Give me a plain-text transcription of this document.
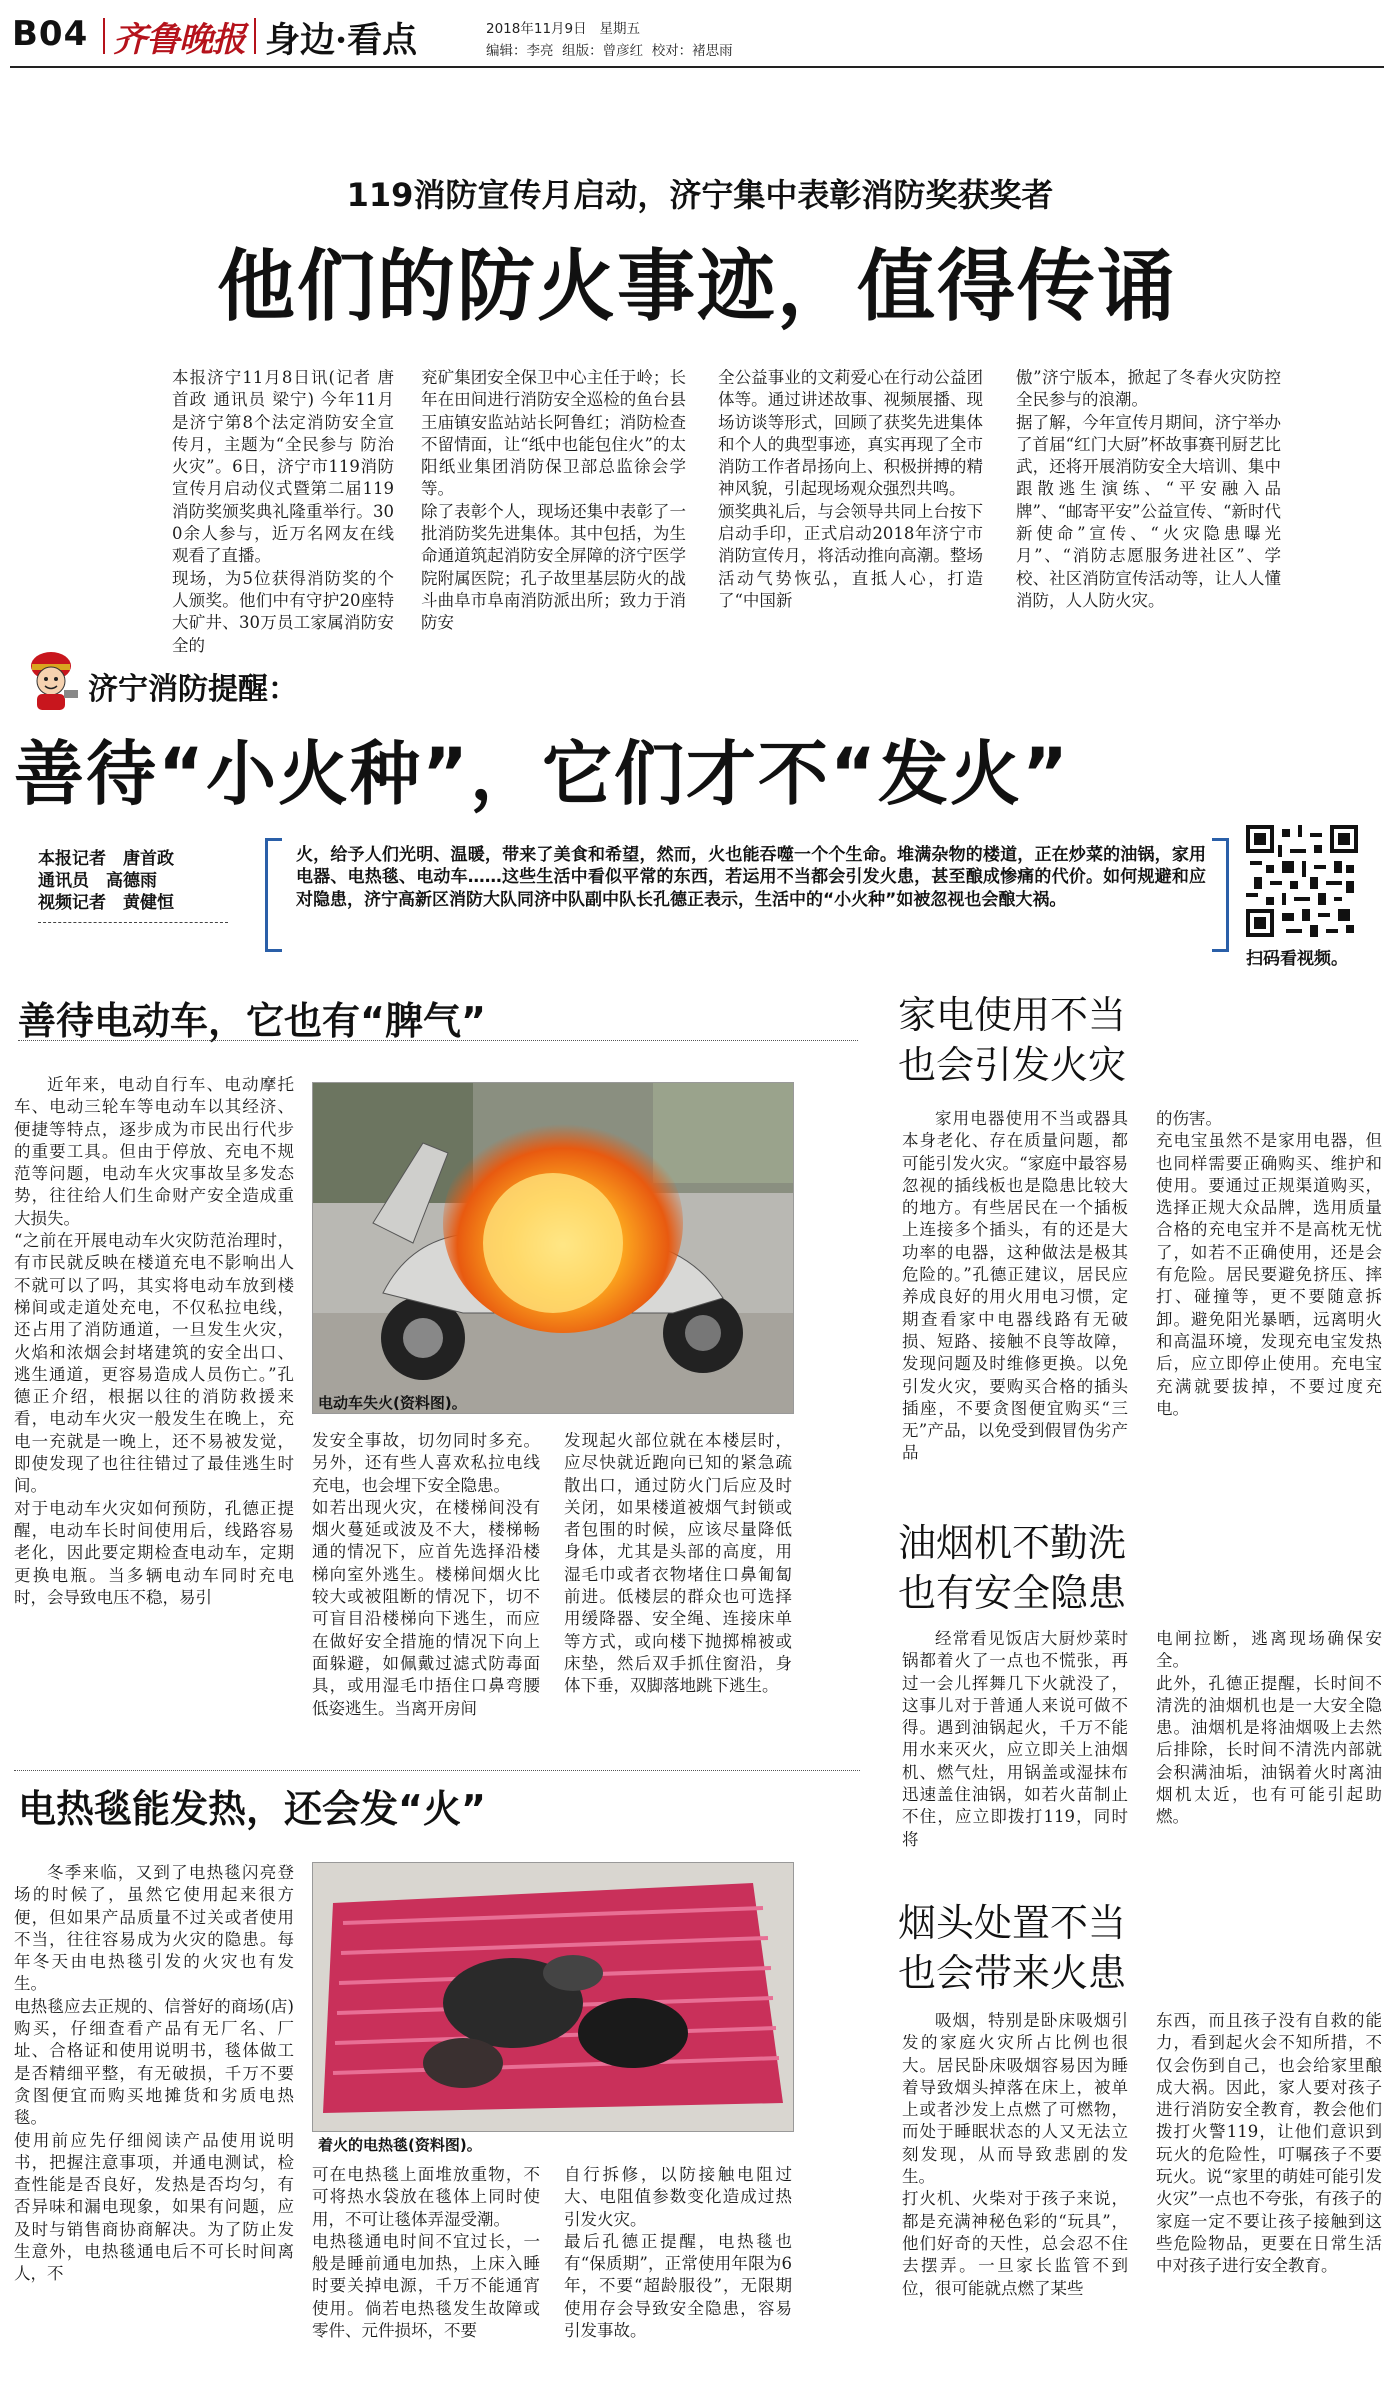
B04 齐鲁晚报 身边·看点	2018年11月9日 星期五
编辑：李亮 组版：曾彦红 校对：褚思雨
119消防宣传月启动，济宁集中表彰消防奖获奖者
他们的防火事迹，值得传诵

本报济宁11月8日讯(记者 唐首政 通讯员 梁宁) 今年11月是济宁第8个法定消防安全宣传月，主题为“全民参与 防治火灾”。6日，济宁市119消防宣传月启动仪式暨第二届119消防奖颁奖典礼隆重举行。300余人参与，近万名网友在线观看了直播。
现场，为5位获得消防奖的个人颁奖。他们中有守护20座特大矿井、30万员工家属消防安全的

兖矿集团安全保卫中心主任于岭；长年在田间进行消防安全巡检的鱼台县王庙镇安监站站长阿鲁红；消防检查不留情面，让“纸中也能包住火”的太阳纸业集团消防保卫部总监徐会学等。
除了表彰个人，现场还集中表彰了一批消防奖先进集体。其中包括，为生命通道筑起消防安全屏障的济宁医学院附属医院；孔子故里基层防火的战斗曲阜市阜南消防派出所；致力于消防安

全公益事业的文莉爱心在行动公益团体等。通过讲述故事、视频展播、现场访谈等形式，回顾了获奖先进集体和个人的典型事迹，真实再现了全市消防工作者昂扬向上、积极拼搏的精神风貌，引起现场观众强烈共鸣。
颁奖典礼后，与会领导共同上台按下启动手印，正式启动2018年济宁市消防宣传月，将活动推向高潮。整场活动气势恢弘，直抵人心，打造了“中国新

傲”济宁版本，掀起了冬春火灾防控全民参与的浪潮。
据了解，今年宣传月期间，济宁举办了首届“红门大厨”杯故事赛刊厨艺比武，还将开展消防安全大培训、集中跟散逃生演练、“平安融入品牌”、“邮寄平安”公益宣传、“新时代 新使命”宣传、“火灾隐患曝光月”、“消防志愿服务进社区”、学校、社区消防宣传活动等，让人人懂消防，人人防火灾。

济宁消防提醒：
善待“小火种”，它们才不“发火”
本报记者　唐首政
通讯员　高德雨
视频记者　黄健恒
火，给予人们光明、温暖，带来了美食和希望，然而，火也能吞噬一个个生命。堆满杂物的楼道，正在炒菜的油锅，家用电器、电热毯、电动车……这些生活中看似平常的东西，若运用不当都会引发火患，甚至酿成惨痛的代价。如何规避和应对隐患，济宁高新区消防大队同济中队副中队长孔德正表示，生活中的“小火种”如被忽视也会酿大祸。
扫码看视频。
善待电动车，它也有“脾气”
电动车失火(资料图)。

近年来，电动自行车、电动摩托车、电动三轮车等电动车以其经济、便捷等特点，逐步成为市民出行代步的重要工具。但由于停放、充电不规范等问题，电动车火灾事故呈多发态势，往往给人们生命财产安全造成重大损失。
“之前在开展电动车火灾防范治理时，有市民就反映在楼道充电不影响出人不就可以了吗，其实将电动车放到楼梯间或走道处充电，不仅私拉电线，还占用了消防通道，一旦发生火灾，火焰和浓烟会封堵建筑的安全出口、逃生通道，更容易造成人员伤亡。”孔德正介绍，根据以往的消防救援来看，电动车火灾一般发生在晚上，充电一充就是一晚上，还不易被发觉，即使发现了也往往错过了最佳逃生时间。
对于电动车火灾如何预防，孔德正提醒，电动车长时间使用后，线路容易老化，因此要定期检查电动车，定期更换电瓶。当多辆电动车同时充电时，会导致电压不稳，易引

发安全事故，切勿同时多充。另外，还有些人喜欢私拉电线充电，也会埋下安全隐患。
如若出现火灾，在楼梯间没有烟火蔓延或波及不大，楼梯畅通的情况下，应首先选择沿楼梯向室外逃生。楼梯间烟火比较大或被阻断的情况下，切不可盲目沿楼梯向下逃生，而应在做好安全措施的情况下向上面躲避，如佩戴过滤式防毒面具，或用湿毛巾捂住口鼻弯腰低姿逃生。当离开房间

发现起火部位就在本楼层时，应尽快就近跑向已知的紧急疏散出口，通过防火门后应及时关闭，如果楼道被烟气封锁或者包围的时候，应该尽量降低身体，尤其是头部的高度，用湿毛巾或者衣物堵住口鼻匍匐前进。低楼层的群众也可选择用缓降器、安全绳、连接床单等方式，或向楼下抛掷棉被或床垫，然后双手抓住窗沿，身体下垂，双脚落地跳下逃生。

家电使用不当
也会引发火灾

家用电器使用不当或器具本身老化、存在质量问题，都可能引发火灾。“家庭中最容易忽视的插线板也是隐患比较大的地方。有些居民在一个插板上连接多个插头，有的还是大功率的电器，这种做法是极其危险的。”孔德正建议，居民应养成良好的用火用电习惯，定期查看家中电器线路有无破损、短路、接触不良等故障，发现问题及时维修更换。以免引发火灾，要购买合格的插头插座，不要贪图便宜购买“三无”产品，以免受到假冒伪劣产品

的伤害。
充电宝虽然不是家用电器，但也同样需要正确购买、维护和使用。要通过正规渠道购买，选择正规大众品牌，选用质量合格的充电宝并不是高枕无忧了，如若不正确使用，还是会有危险。居民要避免挤压、摔打、碰撞等，更不要随意拆卸。避免阳光暴晒，远离明火和高温环境，发现充电宝发热后，应立即停止使用。充电宝充满就要拔掉，不要过度充电。

油烟机不勤洗
也有安全隐患

经常看见饭店大厨炒菜时锅都着火了一点也不慌张，再过一会儿挥舞几下火就没了，这事儿对于普通人来说可做不得。遇到油锅起火，千万不能用水来灭火，应立即关上油烟机、燃气灶，用锅盖或湿抹布迅速盖住油锅，如若火苗制止不住，应立即拨打119，同时将

电闸拉断，逃离现场确保安全。
此外，孔德正提醒，长时间不清洗的油烟机也是一大安全隐患。油烟机是将油烟吸上去然后排除，长时间不清洗内部就会积满油垢，油锅着火时离油烟机太近，也有可能引起助燃。

电热毯能发热，还会发“火”
着火的电热毯(资料图)。

冬季来临，又到了电热毯闪亮登场的时候了，虽然它使用起来很方便，但如果产品质量不过关或者使用不当，往往容易成为火灾的隐患。每年冬天由电热毯引发的火灾也有发生。
电热毯应去正规的、信誉好的商场(店)购买，仔细查看产品有无厂名、厂址、合格证和使用说明书，毯体做工是否精细平整，有无破损，千万不要贪图便宜而购买地摊货和劣质电热毯。
使用前应先仔细阅读产品使用说明书，把握注意事项，并通电测试，检查性能是否良好，发热是否均匀，有否异味和漏电现象，如果有问题，应及时与销售商协商解决。为了防止发生意外，电热毯通电后不可长时间离人，不

可在电热毯上面堆放重物，不可将热水袋放在毯体上同时使用，不可让毯体弄湿受潮。
电热毯通电时间不宜过长，一般是睡前通电加热，上床入睡时要关掉电源，千万不能通宵使用。倘若电热毯发生故障或零件、元件损坏，不要

自行拆修，以防接触电阻过大、电阻值参数变化造成过热引发火灾。
最后孔德正提醒，电热毯也有“保质期”，正常使用年限为6年，不要“超龄服役”，无限期使用存会导致安全隐患，容易引发事故。

烟头处置不当
也会带来火患

吸烟，特别是卧床吸烟引发的家庭火灾所占比例也很大。居民卧床吸烟容易因为睡着导致烟头掉落在床上，被单上或者沙发上点燃了可燃物，而处于睡眠状态的人又无法立刻发现，从而导致悲剧的发生。
打火机、火柴对于孩子来说，都是充满神秘色彩的“玩具”，他们好奇的天性，总会忍不住去摆弄。一旦家长监管不到位，很可能就点燃了某些

东西，而且孩子没有自救的能力，看到起火会不知所措，不仅会伤到自己，也会给家里酿成大祸。因此，家人要对孩子进行消防安全教育，教会他们拨打火警119，让他们意识到玩火的危险性，叮嘱孩子不要玩火。说“家里的萌娃可能引发火灾”一点也不夸张，有孩子的家庭一定不要让孩子接触到这些危险物品，更要在日常生活中对孩子进行安全教育。
